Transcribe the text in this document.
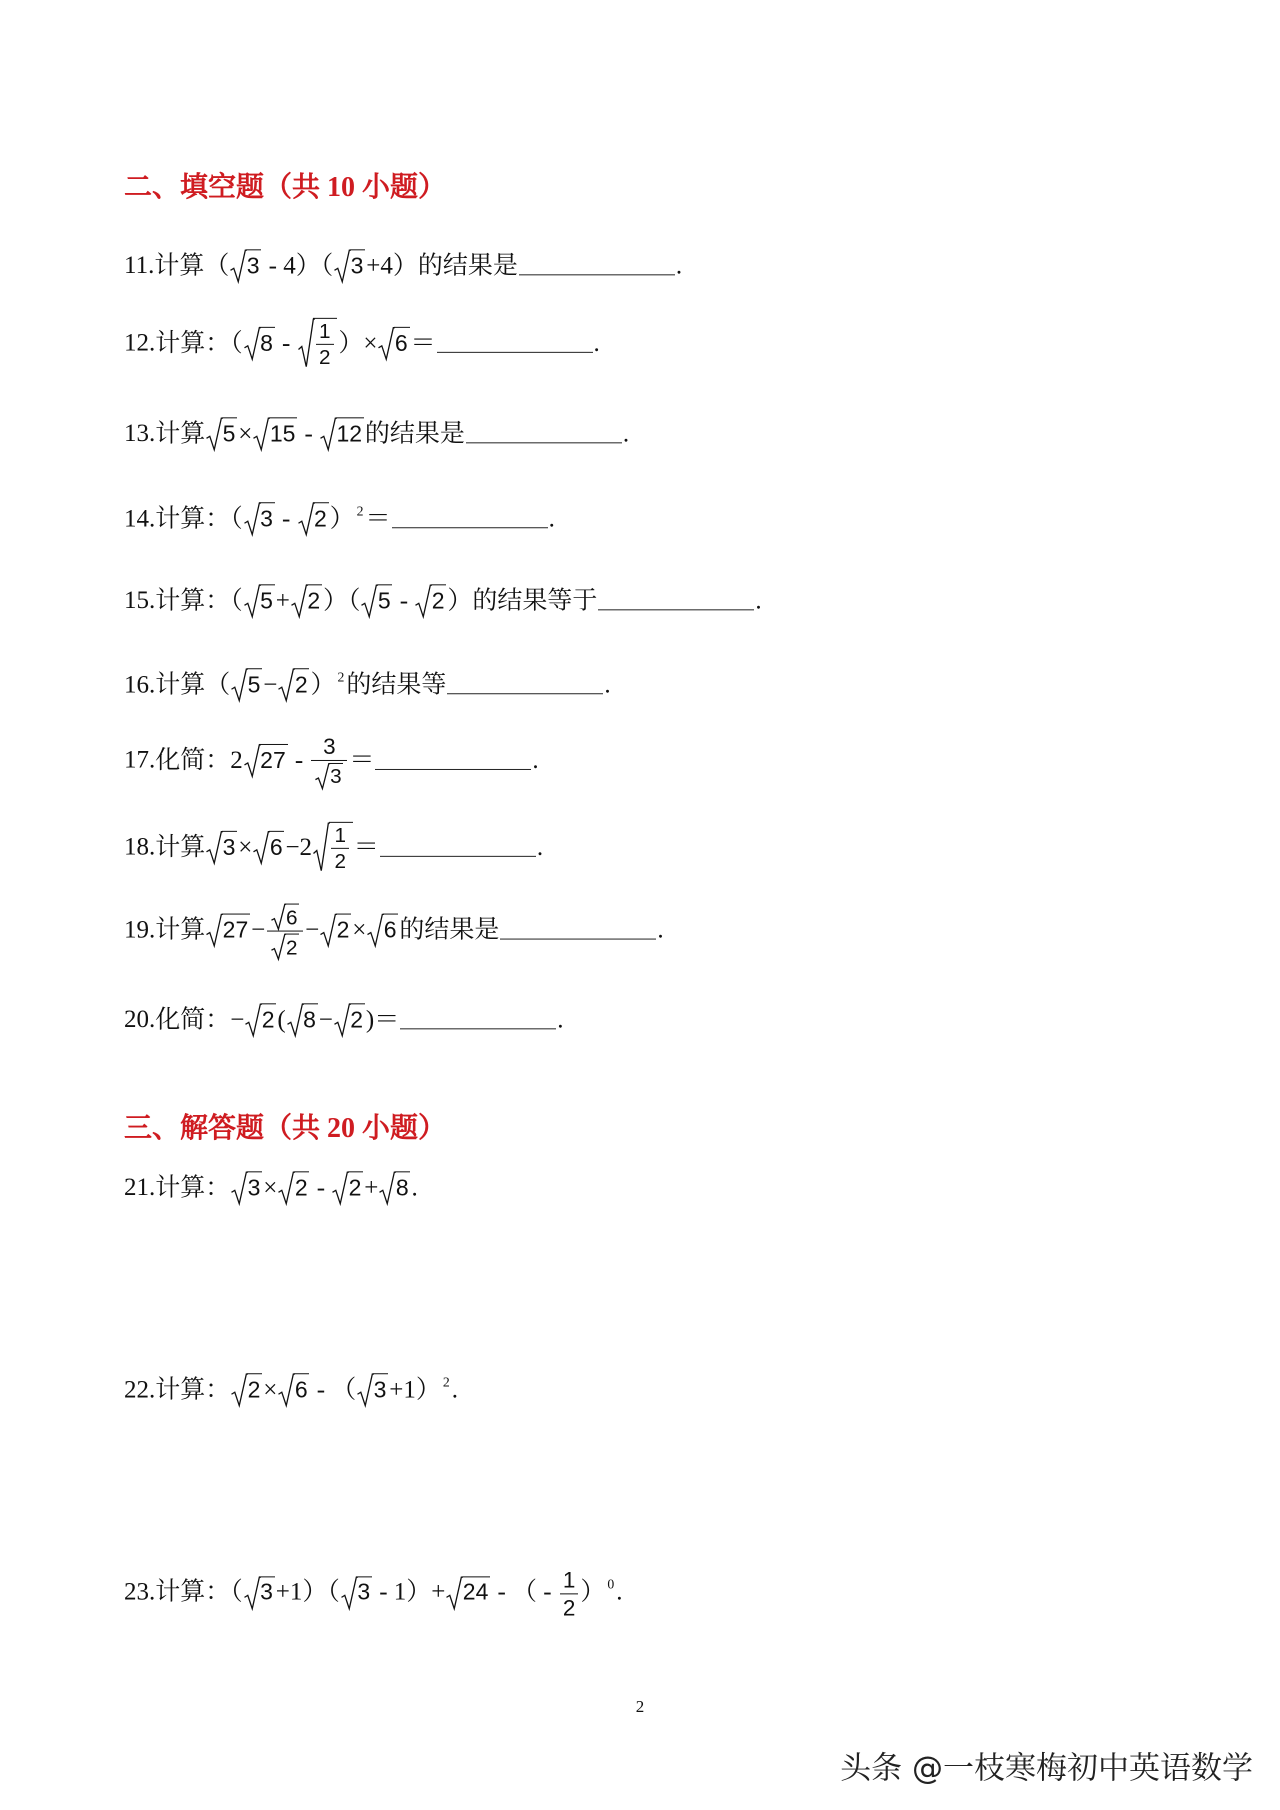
二、填空题（共 10 小题）
11.计算（ 3 - 4）（ 3 +4）的结果是	.
12.计算：（ $8 - \frac{1}{2}$ ）× 6 ＝	.
13.计算 5 × 15 -
12 的结果是	.
14.计算：（ 3 -
2 ） $^2$＝	.
15.计算：（ 5 + 2 ）（ 5 -
2 ）的结果等于	.
16.计算（ 5 − 2 ） $^2$的结果等	.
17.化简：2 $27 - \frac{3}{3}$ ＝	.
18.计算 $3 \times 6 -2 \frac{1}{2}$ ＝	.
19.计算 $27 - \frac{6}{2} - 2 \times 6$ 的结果是	.
20.化简：− 2 ( 8 − 2 )＝	.
三、解答题（共 20 小题）
21.计算： 3 × 2 -
2 + 8 .
22.计算： 2 × 6 - （ 3 +1） $^2$.
23.计算：（ 3 +1）（ 3 - 1）+ 24 - （ - $\frac{1}{2}$ ） $^0$.
2
头条 @一枝寒梅初中英语数学
